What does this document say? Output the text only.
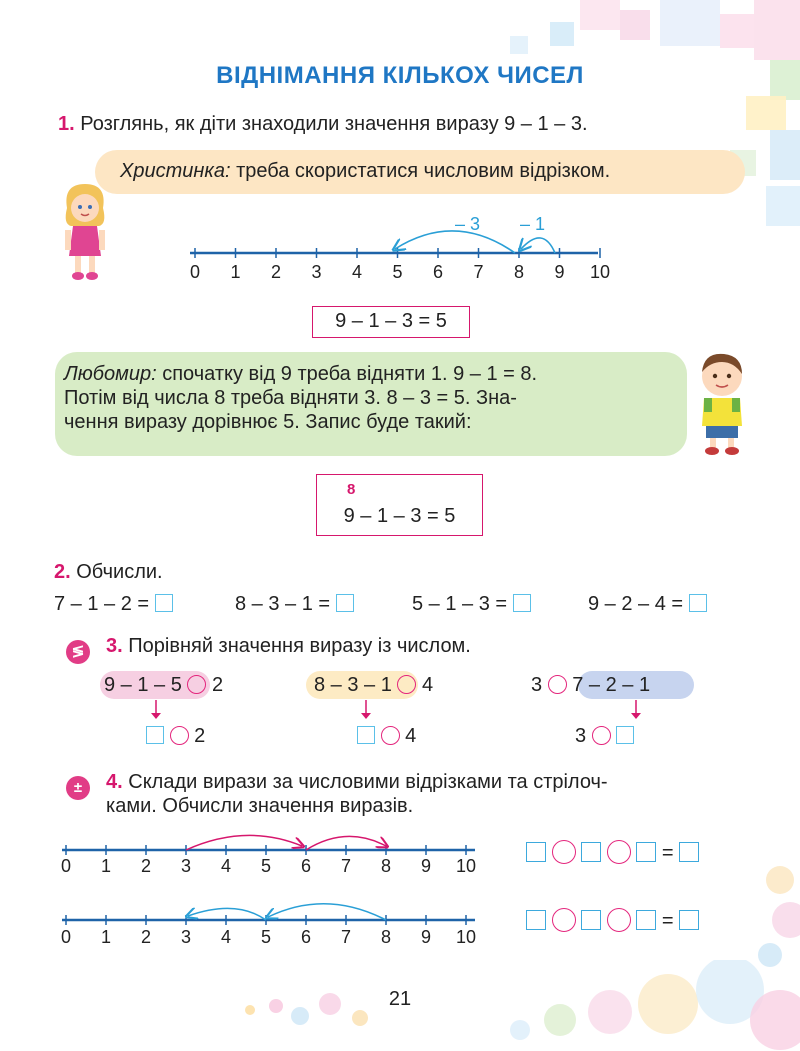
ВІДНІМАННЯ КІЛЬКОХ ЧИСЕЛ
1. Розглянь, як діти знаходили значення виразу 9 – 1 – 3.
Христинка: треба скористатися числовим відрізком.
– 3 – 1
0	1	2	3	4	5	6	7	8	9	10
9 – 1 – 3 = 5
Любомир: спочатку від 9 треба відняти 1. 9 – 1 = 8.
Потім від числа 8 треба відняти 3. 8 – 3 = 5. Зна-
чення виразу дорівнює 5. Запис буде такий:
8
9 – 1 – 3 = 5
2. Обчисли.
7 – 1 – 2 =	8 – 3 – 1 =	5 – 1 – 3 =	9 – 2 – 4 =
≶ 3. Порівняй значення виразу із числом.
9 – 1 – 5 2	8 – 3 – 1 4	3 7 – 2 – 1
2	4	3
±	4. Склади вирази за числовими відрізками та стрілоч-
ками. Обчисли значення виразів.
0	1	2	3	4	5	6	7	8	9	10
0	1	2	3	4	5	6	7	8	9	10
=
=
21
